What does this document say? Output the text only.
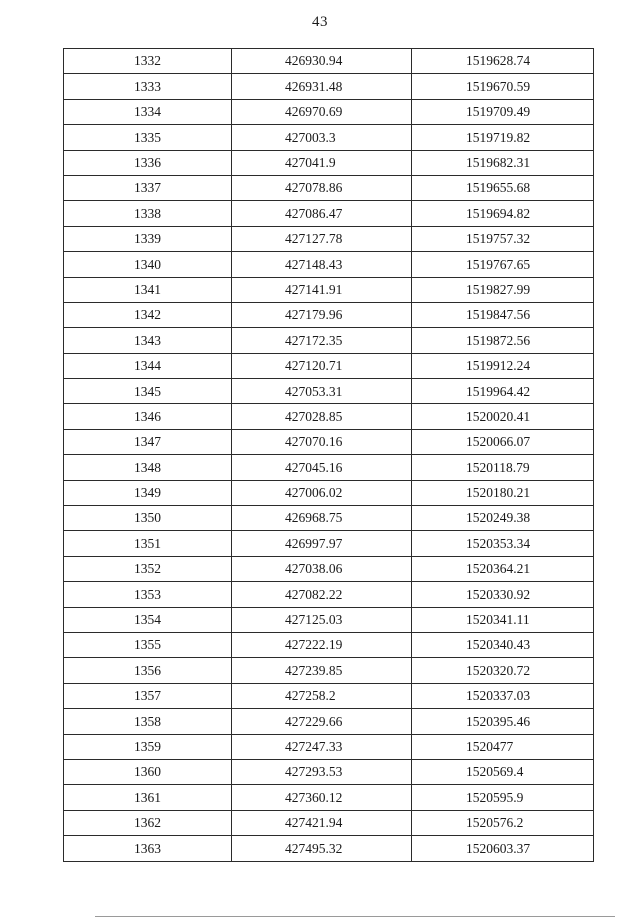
43
1332	426930.94	1519628.74
1333	426931.48	1519670.59
1334	426970.69	1519709.49
1335	427003.3	1519719.82
1336	427041.9	1519682.31
1337	427078.86	1519655.68
1338	427086.47	1519694.82
1339	427127.78	1519757.32
1340	427148.43	1519767.65
1341	427141.91	1519827.99
1342	427179.96	1519847.56
1343	427172.35	1519872.56
1344	427120.71	1519912.24
1345	427053.31	1519964.42
1346	427028.85	1520020.41
1347	427070.16	1520066.07
1348	427045.16	1520118.79
1349	427006.02	1520180.21
1350	426968.75	1520249.38
1351	426997.97	1520353.34
1352	427038.06	1520364.21
1353	427082.22	1520330.92
1354	427125.03	1520341.11
1355	427222.19	1520340.43
1356	427239.85	1520320.72
1357	427258.2	1520337.03
1358	427229.66	1520395.46
1359	427247.33	1520477
1360	427293.53	1520569.4
1361	427360.12	1520595.9
1362	427421.94	1520576.2
1363	427495.32	1520603.37
